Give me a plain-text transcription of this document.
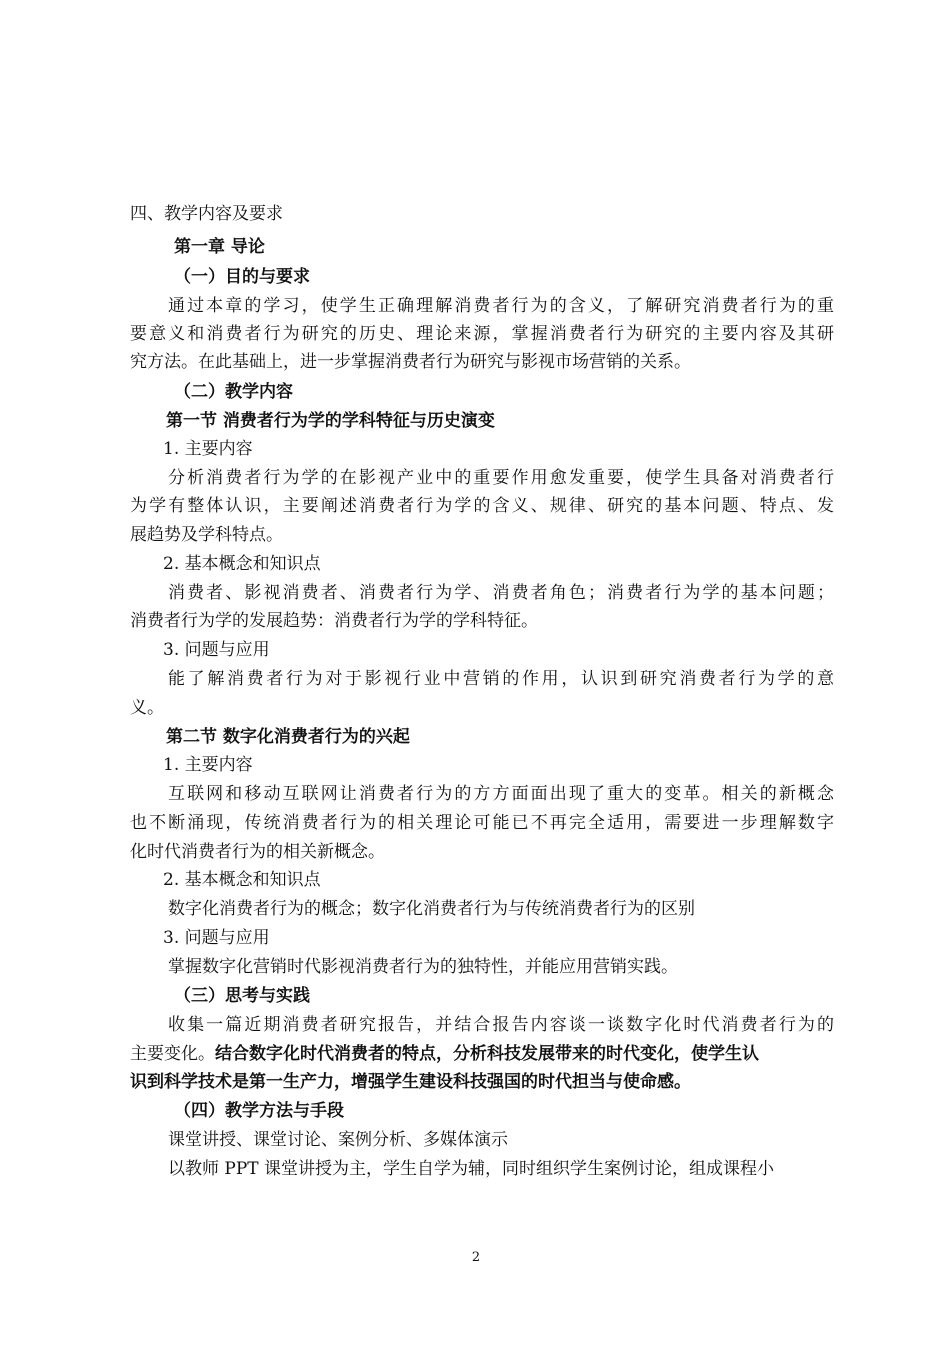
四、教学内容及要求
第一章 导论
（一）目的与要求
通过本章的学习，使学生正确理解消费者行为的含义，了解研究消费者行为的重
要意义和消费者行为研究的历史、理论来源，掌握消费者行为研究的主要内容及其研
究方法。在此基础上，进一步掌握消费者行为研究与影视市场营销的关系。
（二）教学内容
第一节 消费者行为学的学科特征与历史演变
1. 主要内容
分析消费者行为学的在影视产业中的重要作用愈发重要，使学生具备对消费者行
为学有整体认识，主要阐述消费者行为学的含义、规律、研究的基本问题、特点、发
展趋势及学科特点。
2. 基本概念和知识点
消费者、影视消费者、消费者行为学、消费者角色；消费者行为学的基本问题；
消费者行为学的发展趋势：消费者行为学的学科特征。
3. 问题与应用
能了解消费者行为对于影视行业中营销的作用，认识到研究消费者行为学的意
义。
第二节 数字化消费者行为的兴起
1. 主要内容
互联网和移动互联网让消费者行为的方方面面出现了重大的变革。相关的新概念
也不断涌现，传统消费者行为的相关理论可能已不再完全适用，需要进一步理解数字
化时代消费者行为的相关新概念。
2. 基本概念和知识点
数字化消费者行为的概念；数字化消费者行为与传统消费者行为的区别
3. 问题与应用
掌握数字化营销时代影视消费者行为的独特性，并能应用营销实践。
（三）思考与实践
收集一篇近期消费者研究报告，并结合报告内容谈一谈数字化时代消费者行为的
主要变化。结合数字化时代消费者的特点，分析科技发展带来的时代变化，使学生认
识到科学技术是第一生产力，增强学生建设科技强国的时代担当与使命感。
（四）教学方法与手段
课堂讲授、课堂讨论、案例分析、多媒体演示
以教师 PPT 课堂讲授为主，学生自学为辅，同时组织学生案例讨论，组成课程小
2
